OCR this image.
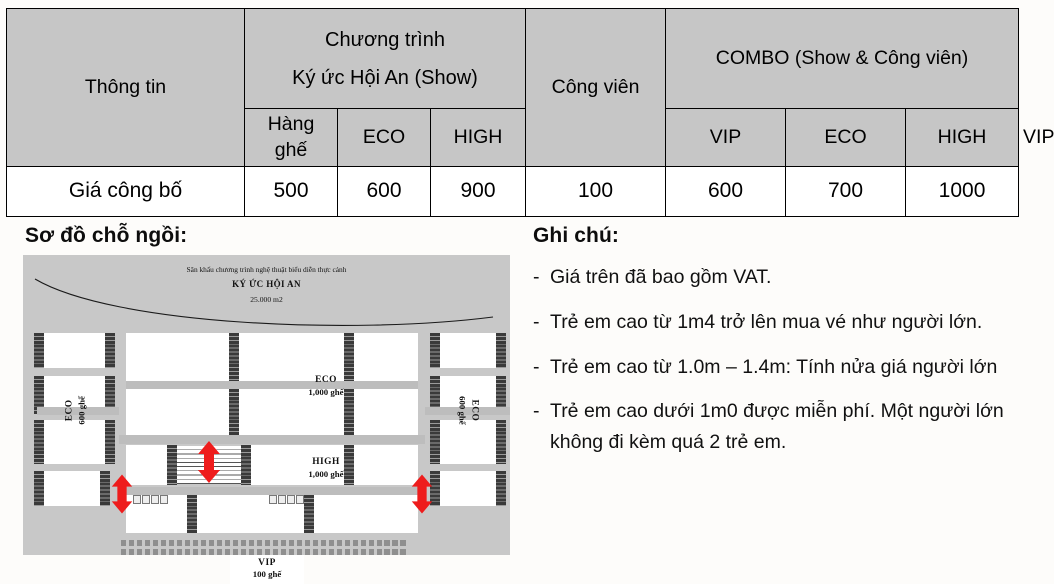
Thông tin	Chương trình
Ký ức Hội An (Show)			Công viên	COMBO (Show & Công viên)			
	Hàng ghế	ECO	HIGH		VIP	ECO	HIGH	VIP
Giá công bố	500	600	900	100	600	700	1000	
Sơ đồ chỗ ngồi:	Ghi chú:
- Giá trên đã bao gồm VAT.
- Trẻ em cao từ 1m4 trở lên mua vé như người lớn.
- Trẻ em cao từ 1.0m – 1.4m: Tính nửa giá người lớn
- Trẻ em cao dưới 1m0 được miễn phí. Một người lớn không đi kèm quá 2 trẻ em.
Sân khấu chương trình nghệ thuật biểu diễn thực cảnh
KÝ ỨC HỘI AN
25.000 m2
ECO 600 ghế
ECO
1,000 ghế
HIGH
1,000 ghế
ECO
600 ghế
VIP
100 ghế
